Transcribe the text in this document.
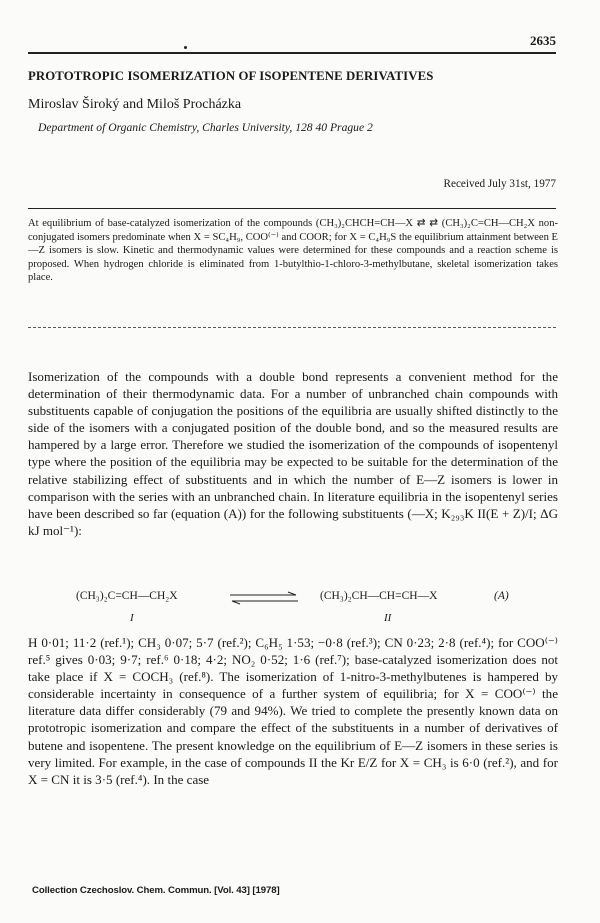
2635
PROTOTROPIC ISOMERIZATION OF ISOPENTENE DERIVATIVES
Miroslav Široký and Miloš Procházka
Department of Organic Chemistry, Charles University, 128 40 Prague 2
Received July 31st, 1977

At equilibrium of base-catalyzed isomerization of the compounds (CH₃)₂CHCH=CH—X ⇄ ⇄ (CH₃)₂C=CH—CH₂X non-conjugated isomers predominate when X = SC₄H₉, COO⁽⁻⁾ and COOR; for X = C₄H₉S the equilibrium attainment between E—Z isomers is slow. Kinetic and thermodynamic values were determined for these compounds and a reaction scheme is proposed. When hydrogen chloride is eliminated from 1-butylthio-1-chloro-3-methylbutane, skeletal isomerization takes place.

Isomerization of the compounds with a double bond represents a convenient method for the determination of their thermodynamic data. For a number of unbranched chain compounds with substituents capable of conjugation the positions of the equilibria are usually shifted distinctly to the side of the isomers with a conjugated position of the double bond, and so the measured results are hampered by a large error. Therefore we studied the isomerization of the compounds of isopentenyl type where the position of the equilibria may be expected to be suitable for the determination of the relative stabilizing effect of substituents and in which the number of E—Z isomers is lower in comparison with the series with an unbranched chain. In literature equilibria in the isopentenyl series have been described so far (equation (A)) for the following substituents (—X; K₂₉₃K II(E + Z)/I; ΔG kJ mol⁻¹):

(CH₃)₂C=CH—CH₂X	(CH₃)₂CH—CH=CH—X	(A)
I	II

H 0·01; 11·2 (ref.¹); CH₃ 0·07; 5·7 (ref.²); C₆H₅ 1·53; −0·8 (ref.³); CN 0·23; 2·8 (ref.⁴); for COO⁽⁻⁾ ref.⁵ gives 0·03; 9·7; ref.⁶ 0·18; 4·2; NO₂ 0·52; 1·6 (ref.⁷); base-catalyzed isomerization does not take place if X = COCH₃ (ref.⁸). The isomerization of 1-nitro-3-methylbutenes is hampered by considerable incertainty in consequence of a further system of equilibria; for X = COO⁽⁻⁾ the literature data differ considerably (79 and 94%). We tried to complete the presently known data on prototropic isomerization and compare the effect of the substituents in a number of derivatives of butene and isopentene. The present knowledge on the equilibrium of E—Z isomers in these series is very limited. For example, in the case of compounds II the Kr E/Z for X = CH₃ is 6·0 (ref.²), and for X = CN it is 3·5 (ref.⁴). In the case

Collection Czechoslov. Chem. Commun. [Vol. 43] [1978]
